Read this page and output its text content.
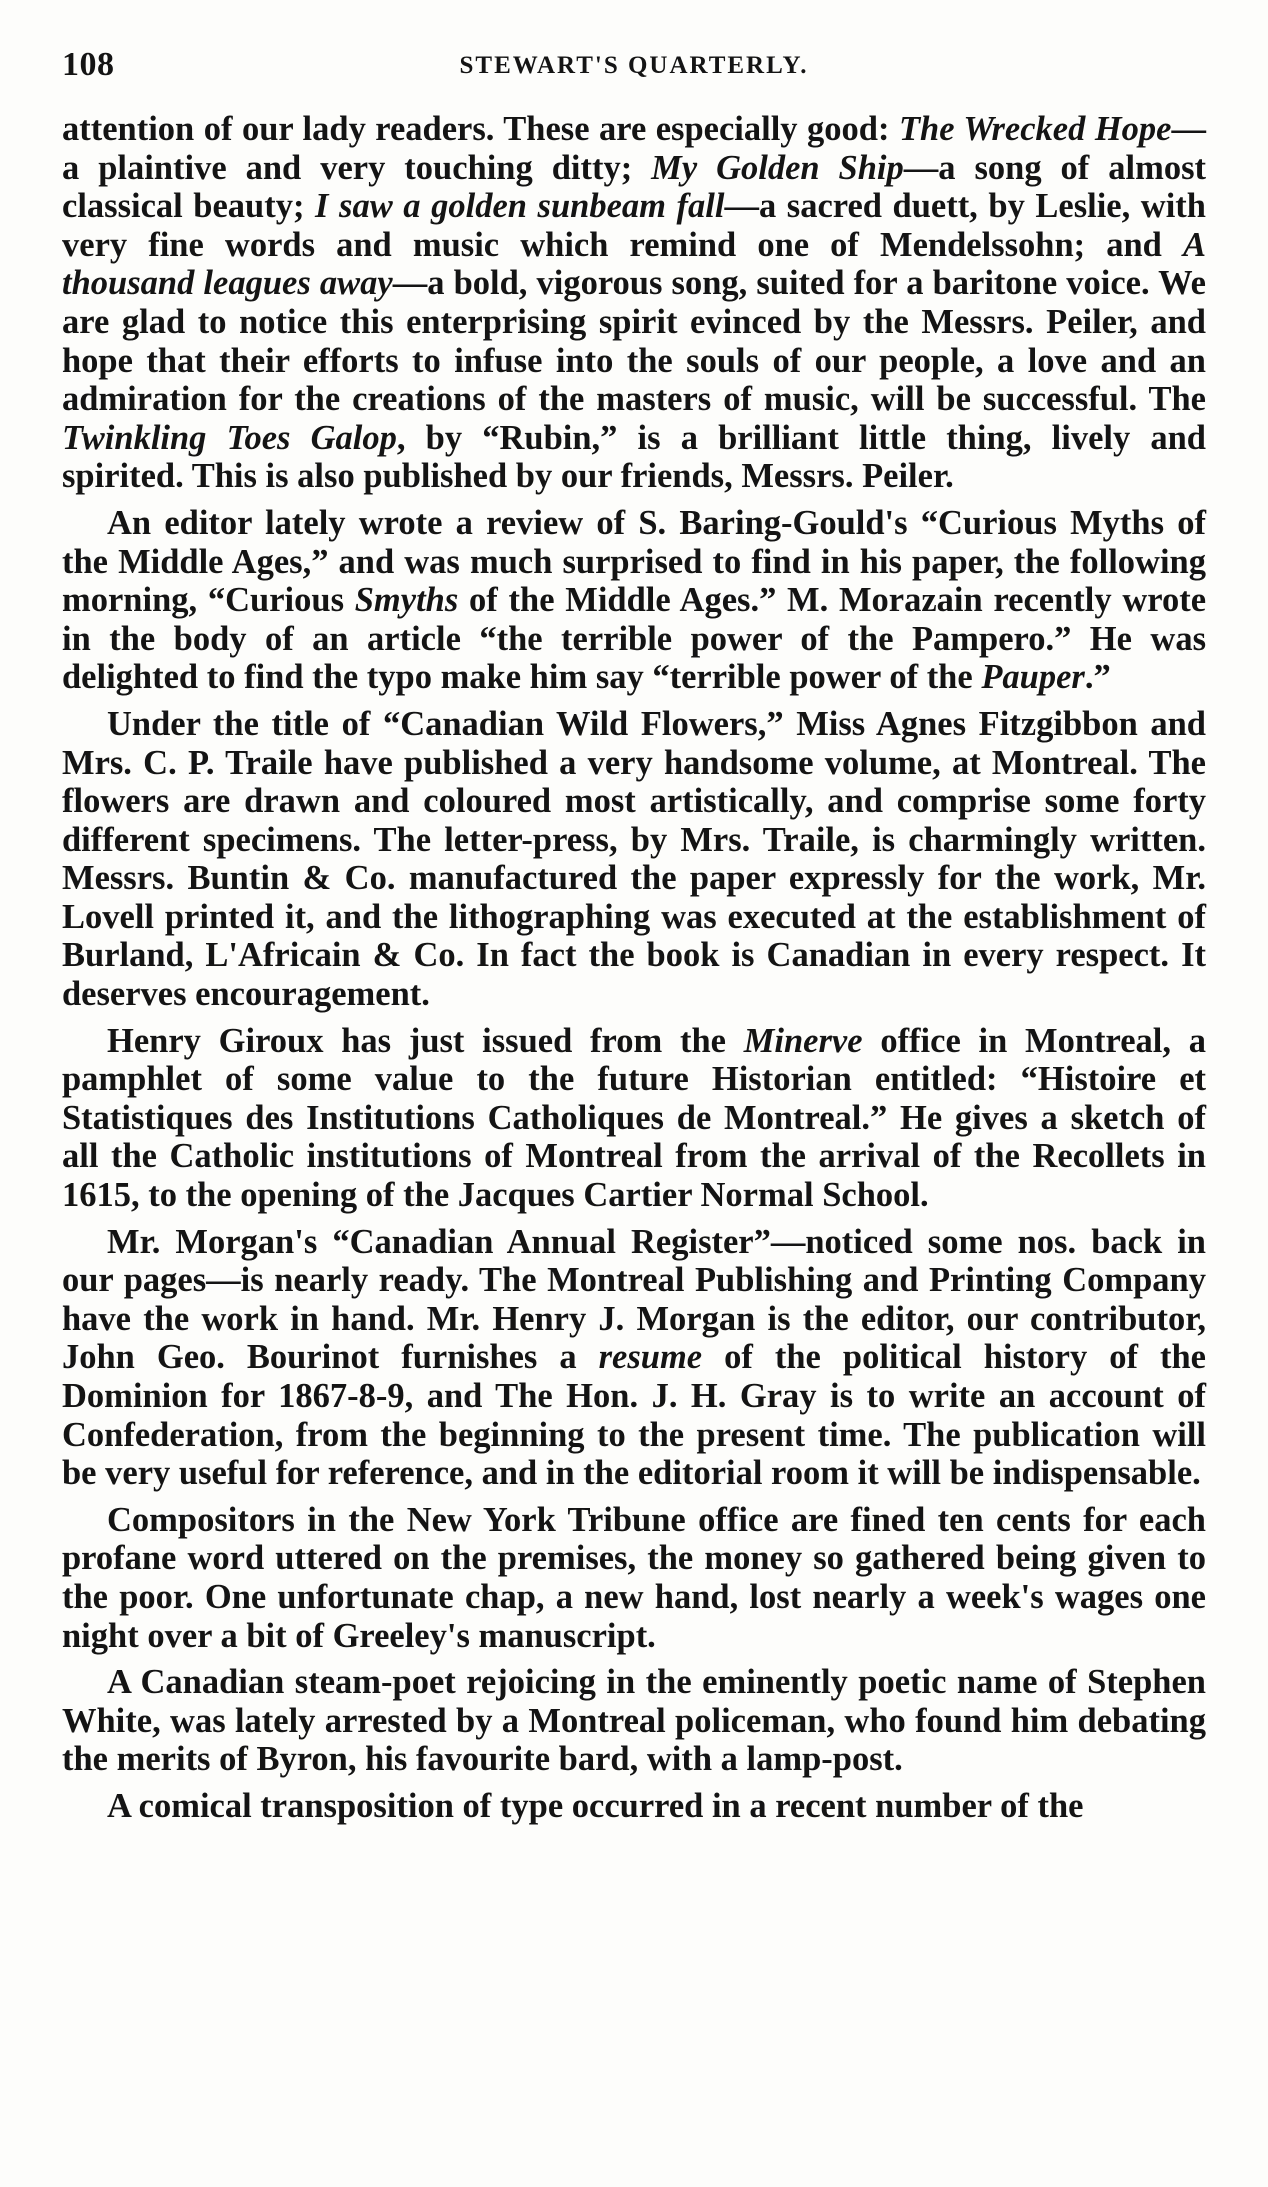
108	STEWART'S QUARTERLY.

attention of our lady readers. These are especially good: The Wrecked Hope—a plaintive and very touching ditty; My Golden Ship—a song of almost classical beauty; I saw a golden sunbeam fall—a sacred duett, by Leslie, with very fine words and music which remind one of Mendelssohn; and A thousand leagues away—a bold, vigorous song, suited for a baritone voice. We are glad to notice this enterprising spirit evinced by the Messrs. Peiler, and hope that their efforts to infuse into the souls of our people, a love and an admiration for the creations of the masters of music, will be successful. The Twinkling Toes Galop, by “Rubin,” is a brilliant little thing, lively and spirited. This is also published by our friends, Messrs. Peiler.

An editor lately wrote a review of S. Baring-Gould's “Curious Myths of the Middle Ages,” and was much surprised to find in his paper, the following morning, “Curious Smyths of the Middle Ages.” M. Morazain recently wrote in the body of an article “the terrible power of the Pampero.” He was delighted to find the typo make him say “terrible power of the Pauper.”

Under the title of “Canadian Wild Flowers,” Miss Agnes Fitzgibbon and Mrs. C. P. Traile have published a very handsome volume, at Montreal. The flowers are drawn and coloured most artistically, and comprise some forty different specimens. The letter-press, by Mrs. Traile, is charmingly written. Messrs. Buntin & Co. manufactured the paper expressly for the work, Mr. Lovell printed it, and the lithographing was executed at the establishment of Burland, L'Africain & Co. In fact the book is Canadian in every respect. It deserves encouragement.

Henry Giroux has just issued from the Minerve office in Montreal, a pamphlet of some value to the future Historian entitled: “Histoire et Statistiques des Institutions Catholiques de Montreal.” He gives a sketch of all the Catholic institutions of Montreal from the arrival of the Recollets in 1615, to the opening of the Jacques Cartier Normal School.

Mr. Morgan's “Canadian Annual Register”—noticed some nos. back in our pages—is nearly ready. The Montreal Publishing and Printing Company have the work in hand. Mr. Henry J. Morgan is the editor, our contributor, John Geo. Bourinot furnishes a resume of the political history of the Dominion for 1867-8-9, and The Hon. J. H. Gray is to write an account of Confederation, from the beginning to the present time. The publication will be very useful for reference, and in the editorial room it will be indispensable.

Compositors in the New York Tribune office are fined ten cents for each profane word uttered on the premises, the money so gathered being given to the poor. One unfortunate chap, a new hand, lost nearly a week's wages one night over a bit of Greeley's manuscript.

A Canadian steam-poet rejoicing in the eminently poetic name of Stephen White, was lately arrested by a Montreal policeman, who found him debating the merits of Byron, his favourite bard, with a lamp-post.

A comical transposition of type occurred in a recent number of the
